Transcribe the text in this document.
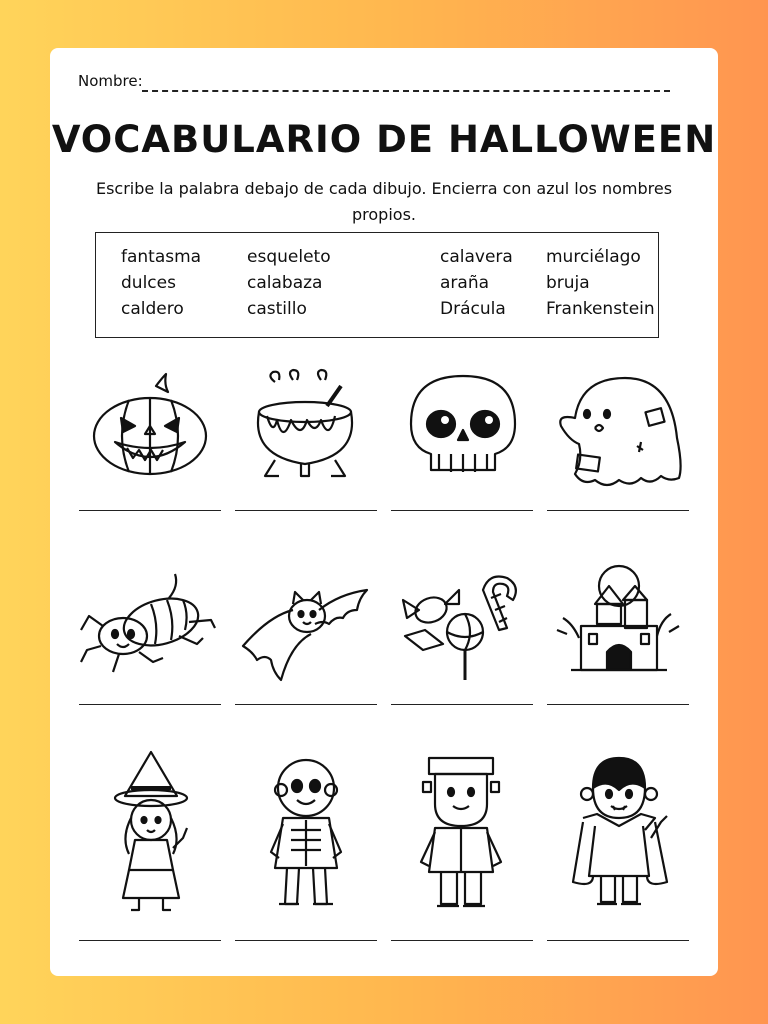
Nombre:
VOCABULARIO DE HALLOWEEN
Escribe la palabra debajo de cada dibujo. Encierra con azul los nombres propios.
fantasma	esqueleto	calavera murciélago
dulces	calabaza	araña	bruja
caldero	castillo	Drácula Frankenstein
